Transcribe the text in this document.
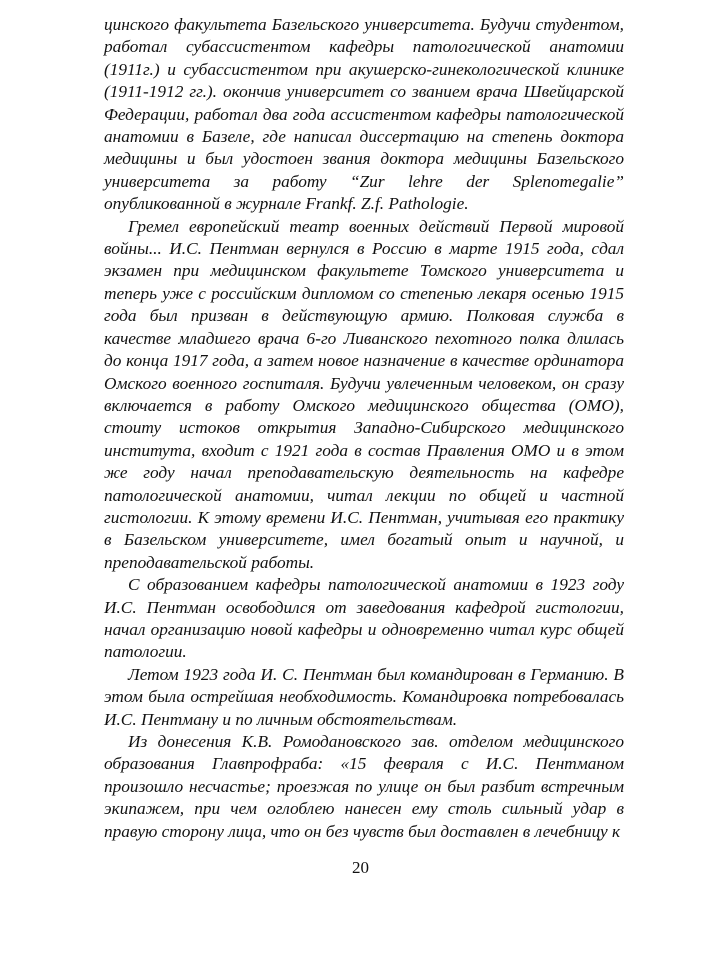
цинского факультета Базельского университета. Будучи студентом, работал субассистентом кафедры патологической анатомии (1911г.) и субассистентом при акушерско-гинекологической клинике (1911-1912 гг.). окончив университет со званием врача Швейцарской Федерации, работал два года ассистентом кафедры патологической анатомии в Базеле, где написал диссертацию на степень доктора медицины и был удостоен звания доктора медицины Базельского университета за работу “Zur lehre der Splenomegalie” опубликованной в журнале Frankf. Z.f. Pathologie.

Гремел европейский театр военных действий Первой мировой войны... И.С. Пентман вернулся в Россию в марте 1915 года, сдал экзамен при медицинском факультете Томского университета и теперь уже с российским дипломом со степенью лекаря осенью 1915 года был призван в действующую армию. Полковая служба в качестве младшего врача 6-го Ливанского пехотного полка длилась до конца 1917 года, а затем новое назначение в качестве ординатора Омского военного госпиталя. Будучи увлеченным человеком, он сразу включается в работу Омского медицинского общества (ОМО), стоиту истоков открытия Западно-Сибирского медицинского института, входит с 1921 года в состав Правления ОМО и в этом же году начал преподавательскую деятельность на кафедре патологической анатомии, читал лекции по общей и частной гистологии. К этому времени И.С. Пентман, учитывая его практику в Базельском университете, имел богатый опыт и научной, и преподавательской работы.

С образованием кафедры патологической анатомии в 1923 году И.С. Пентман освободился от заведования кафедрой гистологии, начал организацию новой кафедры и одновременно читал курс общей патологии.

Летом 1923 года И. С. Пентман был командирован в Германию. В этом была острейшая необходимость. Командировка потребовалась И.С. Пентману и по личным обстоятельствам.

Из донесения К.В. Ромодановского зав. отделом медицинского образования Главпрофраба: «15 февраля с И.С. Пентманом произошло несчастье; проезжая по улице он был разбит встречным экипажем, при чем оглоблею нанесен ему столь сильный удар в правую сторону лица, что он без чувств был доставлен в лечебницу к

20
